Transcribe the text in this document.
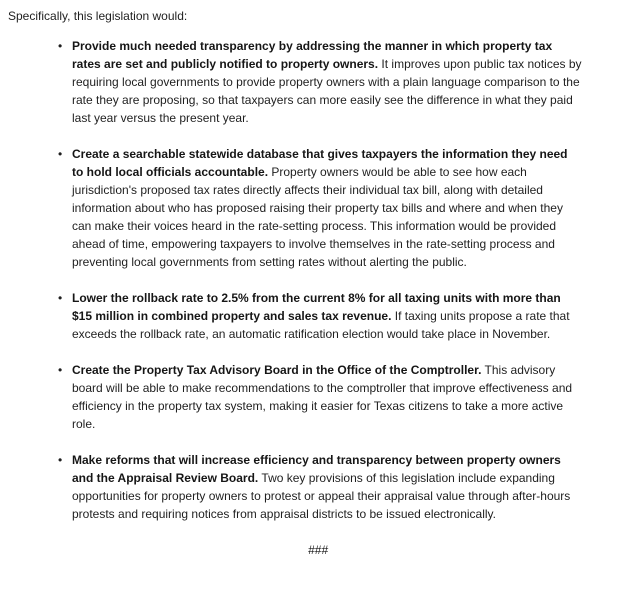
Specifically, this legislation would:

• Provide much needed transparency by addressing the manner in which property tax rates are set and publicly notified to property owners. It improves upon public tax notices by requiring local governments to provide property owners with a plain language comparison to the rate they are proposing, so that taxpayers can more easily see the difference in what they paid last year versus the present year.
• Create a searchable statewide database that gives taxpayers the information they need to hold local officials accountable. Property owners would be able to see how each jurisdiction's proposed tax rates directly affects their individual tax bill, along with detailed information about who has proposed raising their property tax bills and where and when they can make their voices heard in the rate-setting process. This information would be provided ahead of time, empowering taxpayers to involve themselves in the rate-setting process and preventing local governments from setting rates without alerting the public.
• Lower the rollback rate to 2.5% from the current 8% for all taxing units with more than $15 million in combined property and sales tax revenue. If taxing units propose a rate that exceeds the rollback rate, an automatic ratification election would take place in November.
• Create the Property Tax Advisory Board in the Office of the Comptroller. This advisory board will be able to make recommendations to the comptroller that improve effectiveness and efficiency in the property tax system, making it easier for Texas citizens to take a more active role.
• Make reforms that will increase efficiency and transparency between property owners and the Appraisal Review Board. Two key provisions of this legislation include expanding opportunities for property owners to protest or appeal their appraisal value through after-hours protests and requiring notices from appraisal districts to be issued electronically.

###
